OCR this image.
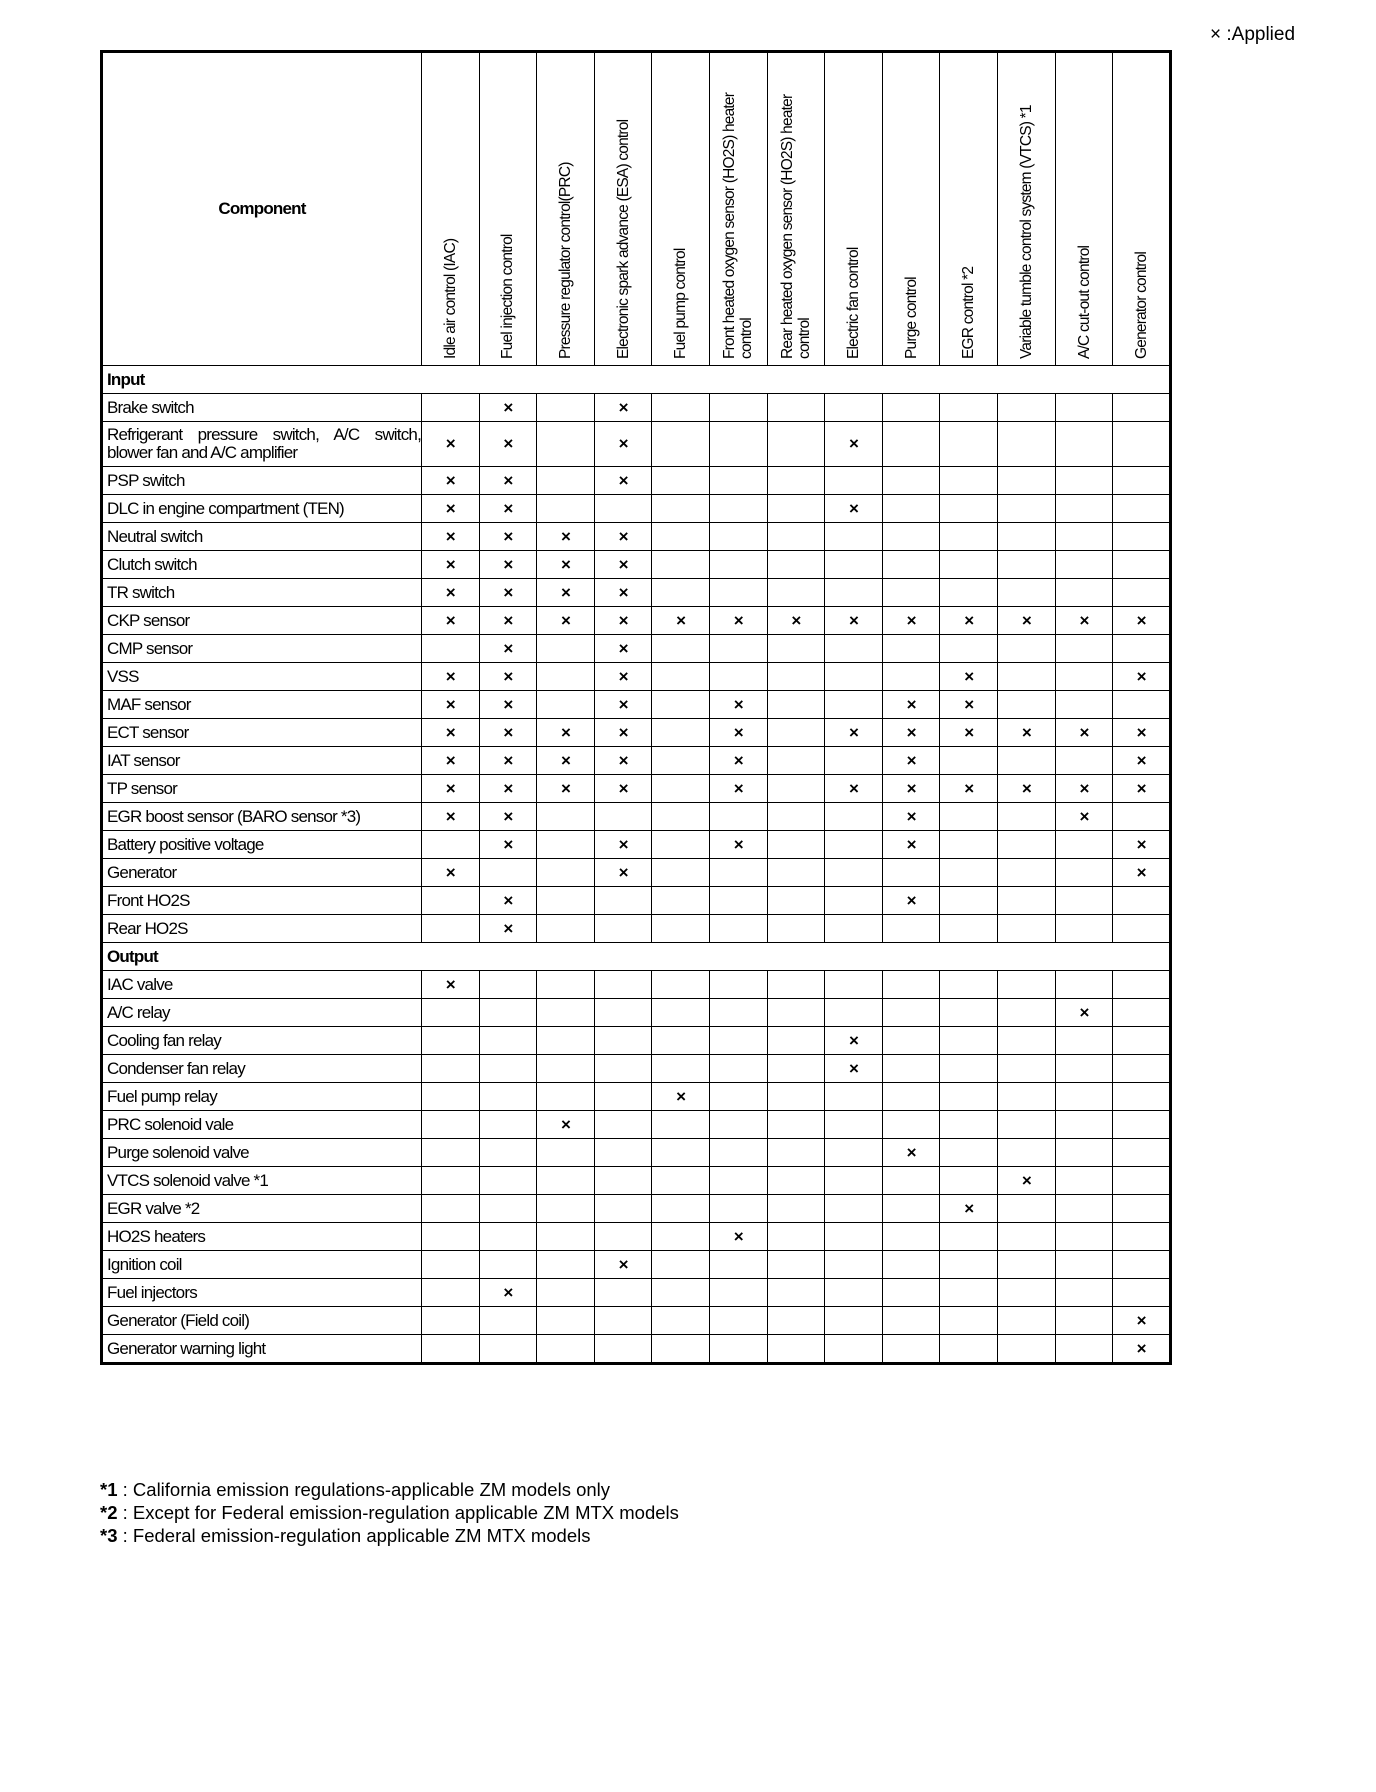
× :Applied
Component	Idle air control (IAC)	Fuel injection control	Pressure regulator control(PRC)	Electronic spark advance (ESA) control	Fuel pump control	Front heated oxygen sensor (HO2S) heater control	Rear heated oxygen sensor (HO2S) heater control	Electric fan control	Purge control	EGR control *2	Variable tumble control system (VTCS) *1	A/C cut-out control	Generator control

Input													
Brake switch		×		×									
Refrigerant pressure switch, A/C switch, blower fan and A/C amplifier	×	×		×				×					
PSP switch	×	×		×									
DLC in engine compartment (TEN)	×	×						×					
Neutral switch	×	×	×	×									
Clutch switch	×	×	×	×									
TR switch	×	×	×	×									
CKP sensor	×	×	×	×	×	×	×	×	×	×	×	×	×
CMP sensor		×		×									
VSS	×	×		×						×			×
MAF sensor	×	×		×		×			×	×			
ECT sensor	×	×	×	×		×		×	×	×	×	×	×
IAT sensor	×	×	×	×		×			×				×
TP sensor	×	×	×	×		×		×	×	×	×	×	×
EGR boost sensor (BARO sensor *3)	×	×							×			×	
Battery positive voltage		×		×		×			×				×
Generator	×			×									×
Front HO2S		×							×				
Rear HO2S		×											
Output													
IAC valve	×												
A/C relay												×	
Cooling fan relay								×					
Condenser fan relay								×					
Fuel pump relay					×								
PRC solenoid vale			×										
Purge solenoid valve									×				
VTCS solenoid valve *1											×		
EGR valve *2										×			
HO2S heaters						×							
Ignition coil				×									
Fuel injectors		×											
Generator (Field coil)													×
Generator warning light													×
*1 : California emission regulations-applicable ZM models only
*2 : Except for Federal emission-regulation applicable ZM MTX models
*3 : Federal emission-regulation applicable ZM MTX models
